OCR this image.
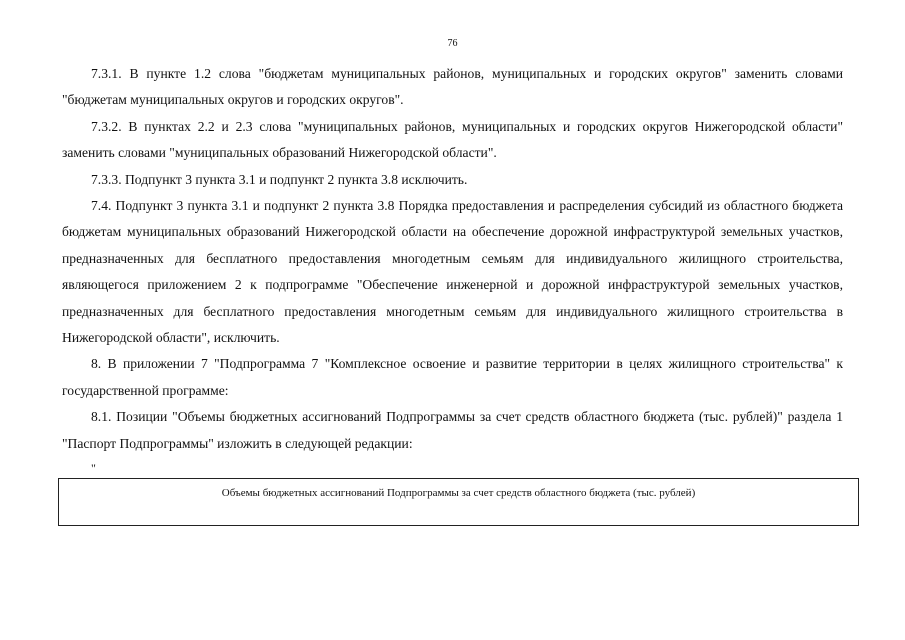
76

7.3.1. В пункте 1.2 слова "бюджетам муниципальных районов, муниципальных и городских округов" заменить словами "бюджетам муниципальных округов и городских округов".

7.3.2. В пунктах 2.2 и 2.3 слова "муниципальных районов, муниципальных и городских округов Нижегородской области" заменить словами "муниципальных образований Нижегородской области".

7.3.3. Подпункт 3 пункта 3.1 и подпункт 2 пункта 3.8 исключить.

7.4. Подпункт 3 пункта 3.1 и подпункт 2 пункта 3.8 Порядка предоставления и распределения субсидий из областного бюджета бюджетам муниципальных образований Нижегородской области на обеспечение дорожной инфраструктурой земельных участков, предназначенных для бесплатного предоставления многодетным семьям для индивидуального жилищного строительства, являющегося приложением 2 к подпрограмме "Обеспечение инженерной и дорожной инфраструктурой земельных участков, предназначенных для бесплатного предоставления многодетным семьям для индивидуального жилищного строительства в Нижегородской области", исключить.

8. В приложении 7 "Подпрограмма 7 "Комплексное освоение и развитие территории в целях жилищного строительства" к государственной программе:

8.1. Позиции "Объемы бюджетных ассигнований Подпрограммы за счет средств областного бюджета (тыс. рублей)" раздела 1 "Паспорт Подпрограммы" изложить в следующей редакции:

"

Объемы бюджетных ассигнований Подпрограммы за счет средств областного бюджета (тыс. рублей)
